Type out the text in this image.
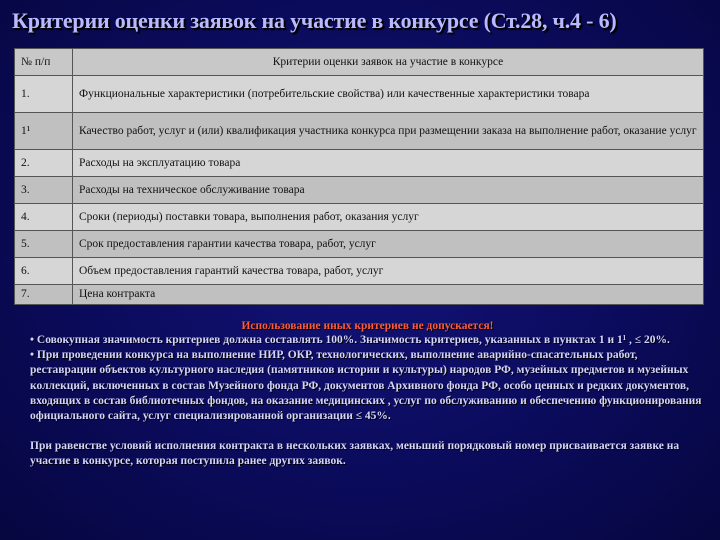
Критерии оценки заявок на участие в конкурсе (Ст.28, ч.4 - 6)
№ п/п	Критерии оценки заявок на участие в конкурсе
1.	Функциональные характеристики (потребительские свойства) или качественные характеристики товара
1¹	Качество работ, услуг и (или) квалификация участника конкурса при размещении заказа на выполнение работ, оказание услуг
2.	Расходы на эксплуатацию товара
3.	Расходы на техническое обслуживание товара
4.	Сроки (периоды) поставки товара, выполнения работ, оказания услуг
5.	Срок предоставления гарантии качества товара, работ, услуг
6.	Объем предоставления гарантий качества товара, работ, услуг
7.	Цена контракта

Использование иных критериев не допускается!

• Совокупная значимость критериев должна составлять 100%. Значимость критериев, указанных в пунктах 1 и 1¹ , ≤ 20%.

• При проведении конкурса на выполнение НИР, ОКР, технологических, выполнение аварийно-спасательных работ, реставрации объектов культурного наследия (памятников истории и культуры) народов РФ, музейных предметов и музейных коллекций, включенных в состав Музейного фонда РФ, документов Архивного фонда РФ, особо ценных и редких документов, входящих в состав библиотечных фондов, на оказание медицинских , услуг по обслуживанию и обеспечению функционирования официального сайта, услуг специализированной организации ≤ 45%.

При равенстве условий исполнения контракта в нескольких заявках, меньший порядковый номер присваивается заявке на участие в конкурсе, которая поступила ранее других заявок.
